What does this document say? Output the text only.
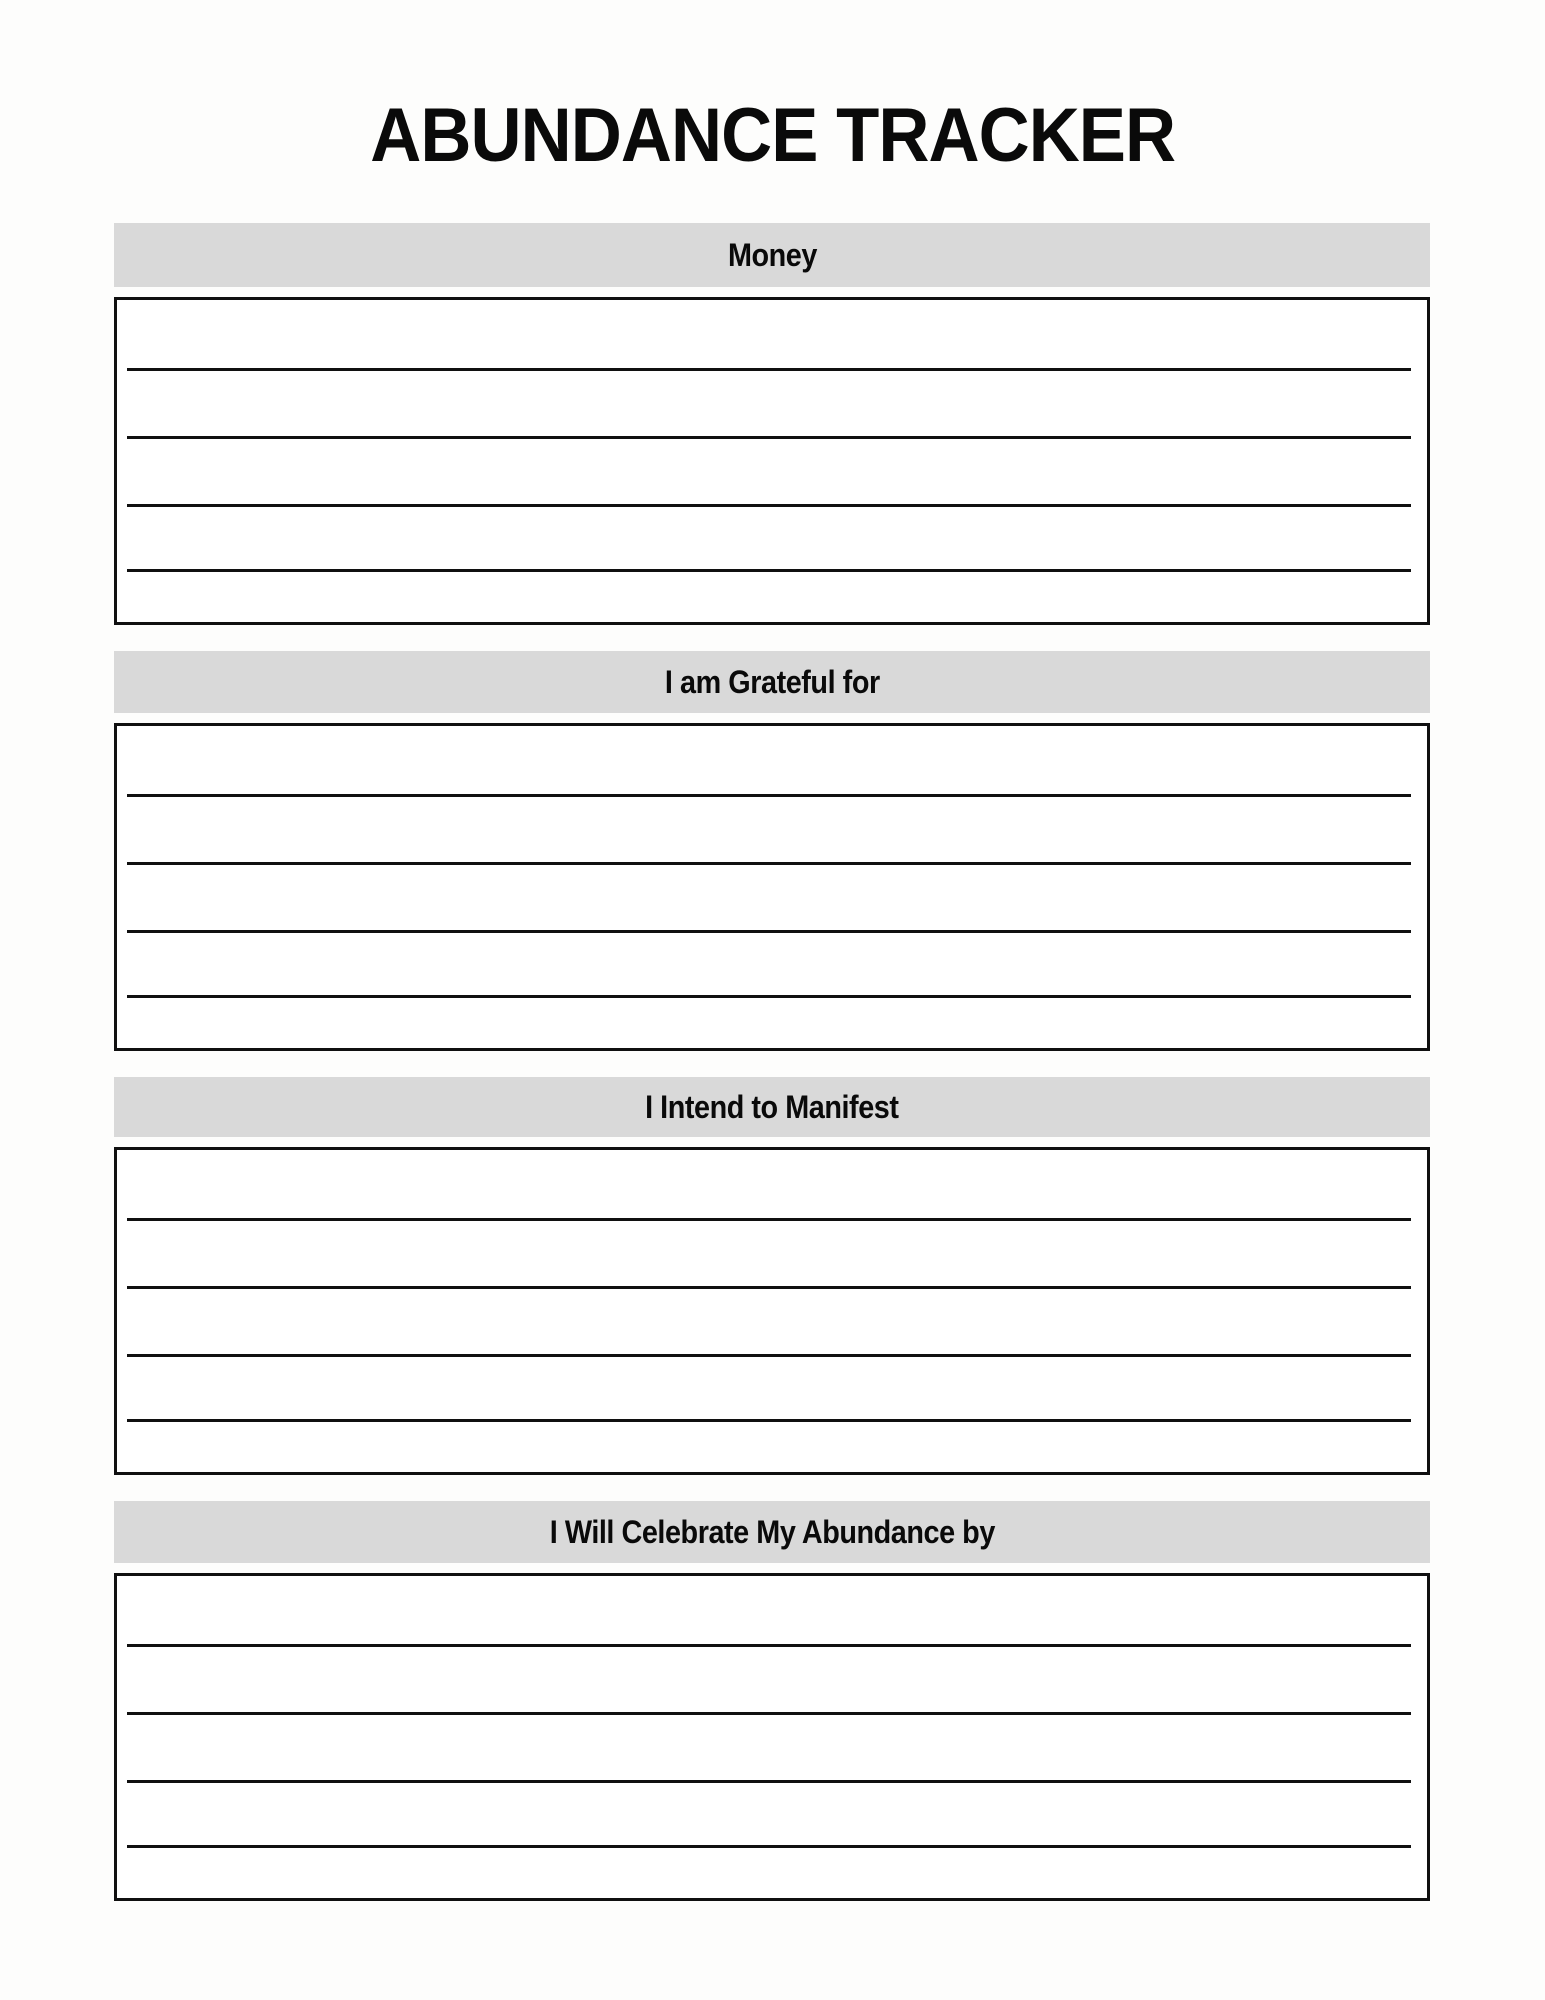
ABUNDANCE TRACKER
Money
I am Grateful for
I Intend to Manifest
I Will Celebrate My Abundance by
